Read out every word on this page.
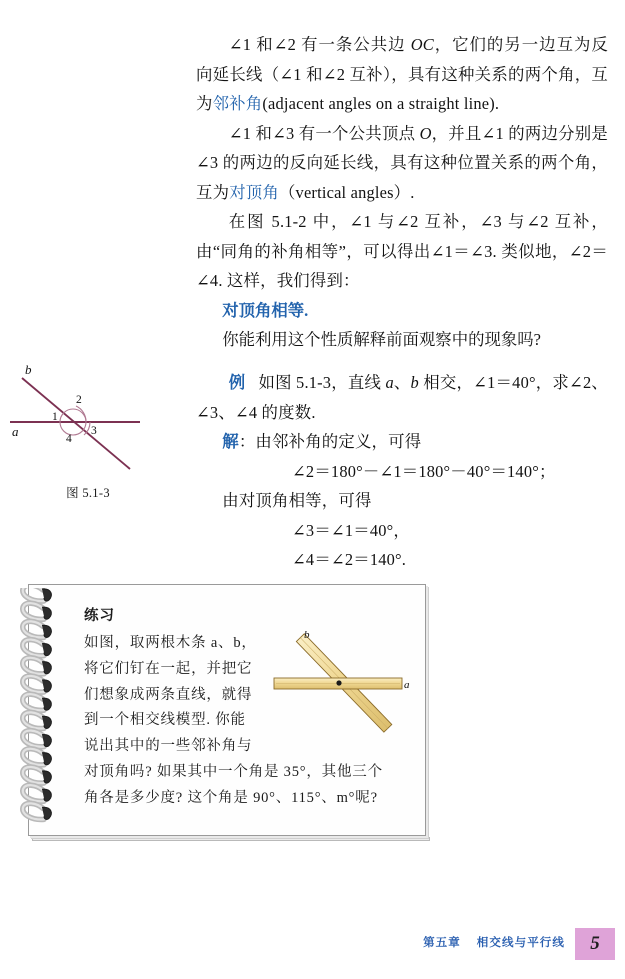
∠1 和∠2 有一条公共边 OC，它们的另一边互为反向延长线（∠1 和∠2 互补），具有这种关系的两个角，互为邻补角(adjacent angles on a straight line).

∠1 和∠3 有一个公共顶点 O，并且∠1 的两边分别是∠3 的两边的反向延长线，具有这种位置关系的两个角，互为对顶角（vertical angles）.

在图 5.1-2 中，∠1 与∠2 互补，∠3 与∠2 互补，由“同角的补角相等”，可以得出∠1＝∠3. 类似地，∠2＝∠4. 这样，我们得到：

对顶角相等.

你能利用这个性质解释前面观察中的现象吗?

例 如图 5.1-3，直线 a、b 相交，∠1＝40°，求∠2、∠3、∠4 的度数.

解：由邻补角的定义，可得

∠2＝180°－∠1＝180°－40°＝140°；

由对顶角相等，可得

∠3＝∠1＝40°，

∠4＝∠2＝140°.

a
b
1
2
3
4
图 5.1-3

练习

如图，取两根木条 a、b，

将它们钉在一起，并把它

们想象成两条直线，就得

到一个相交线模型. 你能

说出其中的一些邻补角与

对顶角吗? 如果其中一个角是 35°，其他三个

角各是多少度? 这个角是 90°、115°、m°呢?

a
b
第五章 相交线与平行线 5
